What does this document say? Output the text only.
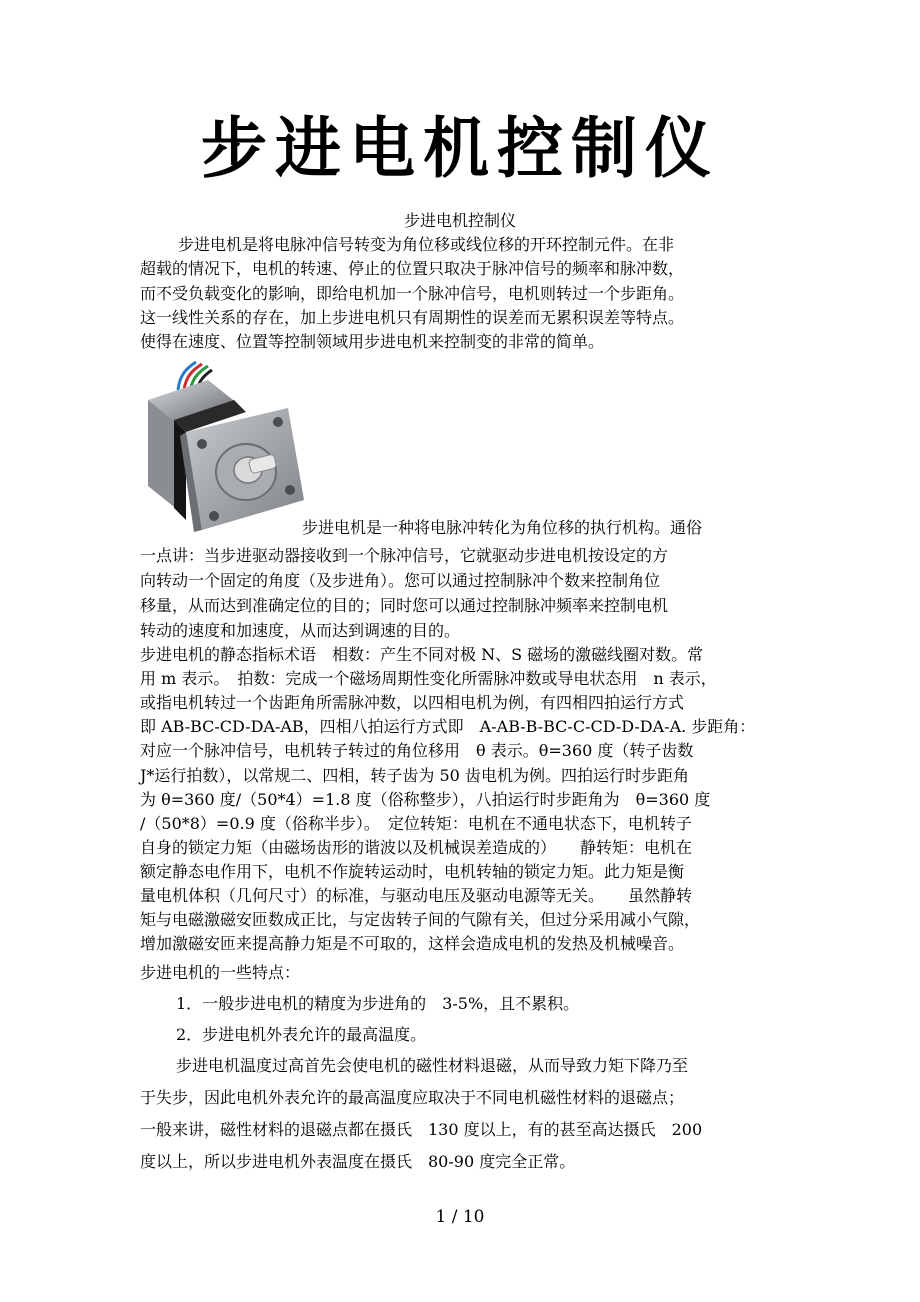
步进电机控制仪
步进电机控制仪
步进电机是将电脉冲信号转变为角位移或线位移的开环控制元件。在非
超载的情况下，电机的转速、停止的位置只取决于脉冲信号的频率和脉冲数，
而不受负载变化的影响，即给电机加一个脉冲信号，电机则转过一个步距角。
这一线性关系的存在，加上步进电机只有周期性的误差而无累积误差等特点。
使得在速度、位置等控制领域用步进电机来控制变的非常的简单。
步进电机是一种将电脉冲转化为角位移的执行机构。通俗
一点讲：当步进驱动器接收到一个脉冲信号，它就驱动步进电机按设定的方
向转动一个固定的角度（及步进角）。您可以通过控制脉冲个数来控制角位
移量，从而达到准确定位的目的；同时您可以通过控制脉冲频率来控制电机
转动的速度和加速度，从而达到调速的目的。
步进电机的静态指标术语　相数：产生不同对极 N、S 磁场的激磁线圈对数。常
用 m 表示。　拍数：完成一个磁场周期性变化所需脉冲数或导电状态用　n 表示，
或指电机转过一个齿距角所需脉冲数，以四相电机为例，有四相四拍运行方式
即 AB-BC-CD-DA-AB，四相八拍运行方式即　A-AB-B-BC-C-CD-D-DA-A. 步距角：
对应一个脉冲信号，电机转子转过的角位移用　θ 表示。θ=360 度（转子齿数
J*运行拍数），以常规二、四相，转子齿为 50 齿电机为例。四拍运行时步距角
为 θ=360 度/（50*4）=1.8 度（俗称整步），八拍运行时步距角为　θ=360 度
/（50*8）=0.9 度（俗称半步）。　定位转矩：电机在不通电状态下，电机转子
自身的锁定力矩（由磁场齿形的谐波以及机械误差造成的）　　静转矩：电机在
额定静态电作用下，电机不作旋转运动时，电机转轴的锁定力矩。此力矩是衡
量电机体积（几何尺寸）的标准，与驱动电压及驱动电源等无关。　　虽然静转
矩与电磁激磁安匝数成正比，与定齿转子间的气隙有关，但过分采用减小气隙，
增加激磁安匝来提高静力矩是不可取的，这样会造成电机的发热及机械噪音。
步进电机的一些特点：
1．一般步进电机的精度为步进角的　3-5%，且不累积。
2．步进电机外表允许的最高温度。
步进电机温度过高首先会使电机的磁性材料退磁，从而导致力矩下降乃至
于失步，因此电机外表允许的最高温度应取决于不同电机磁性材料的退磁点；
一般来讲，磁性材料的退磁点都在摄氏　130 度以上，有的甚至高达摄氏　200
度以上，所以步进电机外表温度在摄氏　80-90 度完全正常。
1 / 10
